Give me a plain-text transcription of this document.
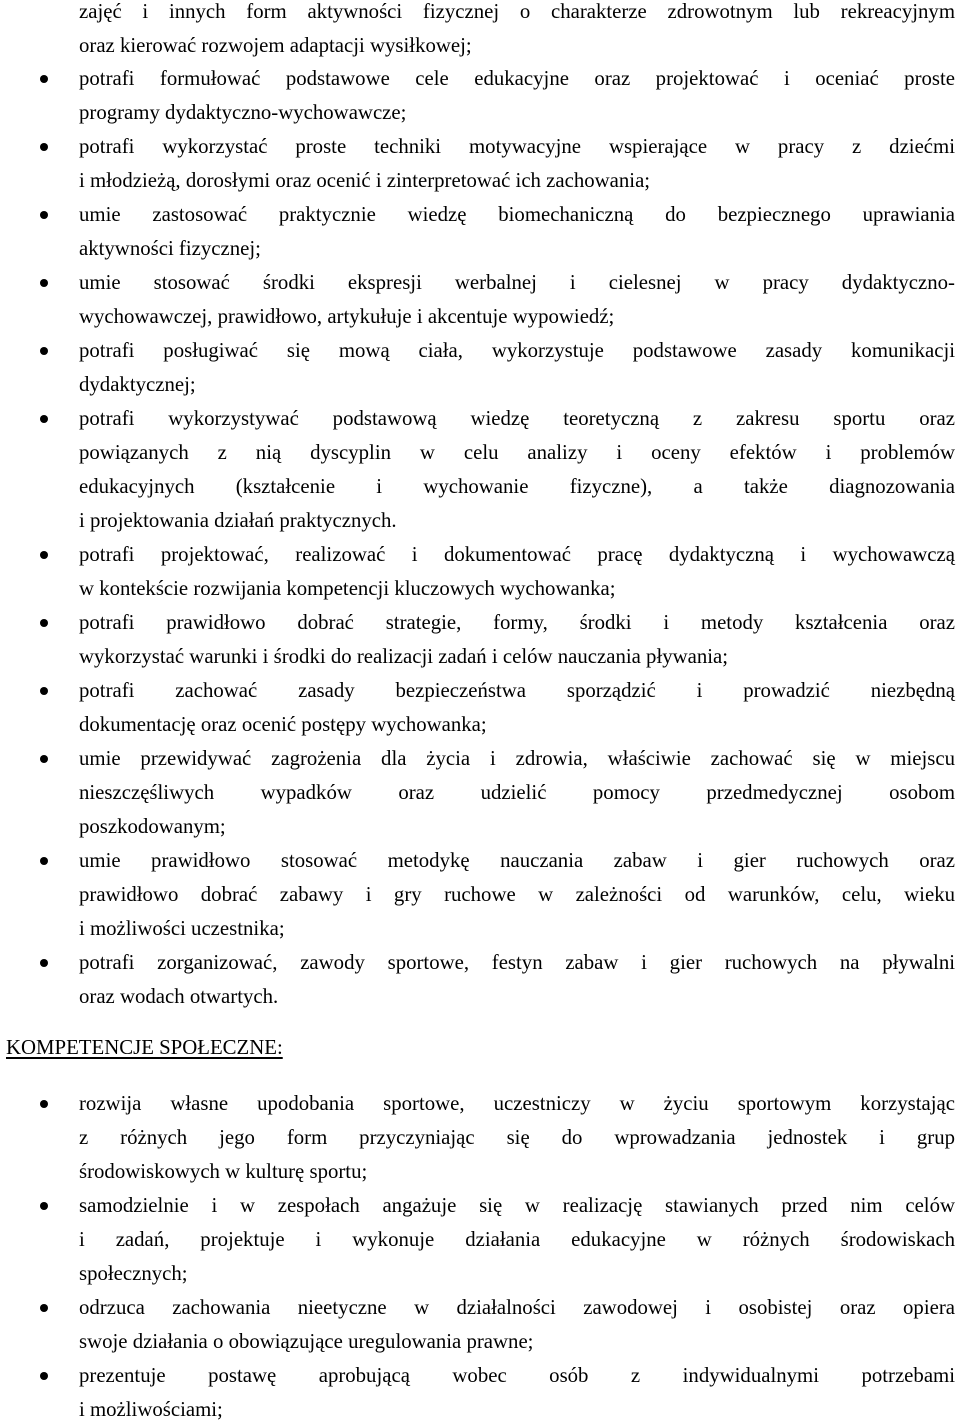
zajęć i innych form aktywności fizycznej o charakterze zdrowotnym lub rekreacyjnym
oraz kierować rozwojem adaptacji wysiłkowej;
potrafi formułować podstawowe cele edukacyjne oraz projektować i oceniać proste
programy dydaktyczno-wychowawcze;
potrafi wykorzystać proste techniki motywacyjne wspierające w pracy z dziećmi
i młodzieżą, dorosłymi oraz ocenić i zinterpretować ich zachowania;
umie zastosować praktycznie wiedzę biomechaniczną do bezpiecznego uprawiania
aktywności fizycznej;
umie stosować środki ekspresji werbalnej i cielesnej w pracy dydaktyczno-
wychowawczej, prawidłowo, artykułuje i akcentuje wypowiedź;
potrafi posługiwać się mową ciała, wykorzystuje podstawowe zasady komunikacji
dydaktycznej;
potrafi wykorzystywać podstawową wiedzę teoretyczną z zakresu sportu oraz
powiązanych z nią dyscyplin w celu analizy i oceny efektów i problemów
edukacyjnych (kształcenie i wychowanie fizyczne), a także diagnozowania
i projektowania działań praktycznych.
potrafi projektować, realizować i dokumentować pracę dydaktyczną i wychowawczą
w kontekście rozwijania kompetencji kluczowych wychowanka;
potrafi prawidłowo dobrać strategie, formy, środki i metody kształcenia oraz
wykorzystać warunki i środki do realizacji zadań i celów nauczania pływania;
potrafi zachować zasady bezpieczeństwa sporządzić i prowadzić niezbędną
dokumentację oraz ocenić postępy wychowanka;
umie przewidywać zagrożenia dla życia i zdrowia, właściwie zachować się w miejscu
nieszczęśliwych wypadków oraz udzielić pomocy przedmedycznej osobom
poszkodowanym;
umie prawidłowo stosować metodykę nauczania zabaw i gier ruchowych oraz
prawidłowo dobrać zabawy i gry ruchowe w zależności od warunków, celu, wieku
i możliwości uczestnika;
potrafi zorganizować, zawody sportowe, festyn zabaw i gier ruchowych na pływalni
oraz wodach otwartych.
KOMPETENCJE SPOŁECZNE:
rozwija własne upodobania sportowe, uczestniczy w życiu sportowym korzystając
z różnych jego form przyczyniając się do wprowadzania jednostek i grup
środowiskowych w kulturę sportu;
samodzielnie i w zespołach angażuje się w realizację stawianych przed nim celów
i zadań, projektuje i wykonuje działania edukacyjne w różnych środowiskach
społecznych;
odrzuca zachowania nieetyczne w działalności zawodowej i osobistej oraz opiera
swoje działania o obowiązujące uregulowania prawne;
prezentuje postawę aprobującą wobec osób z indywidualnymi potrzebami
i możliwościami;
